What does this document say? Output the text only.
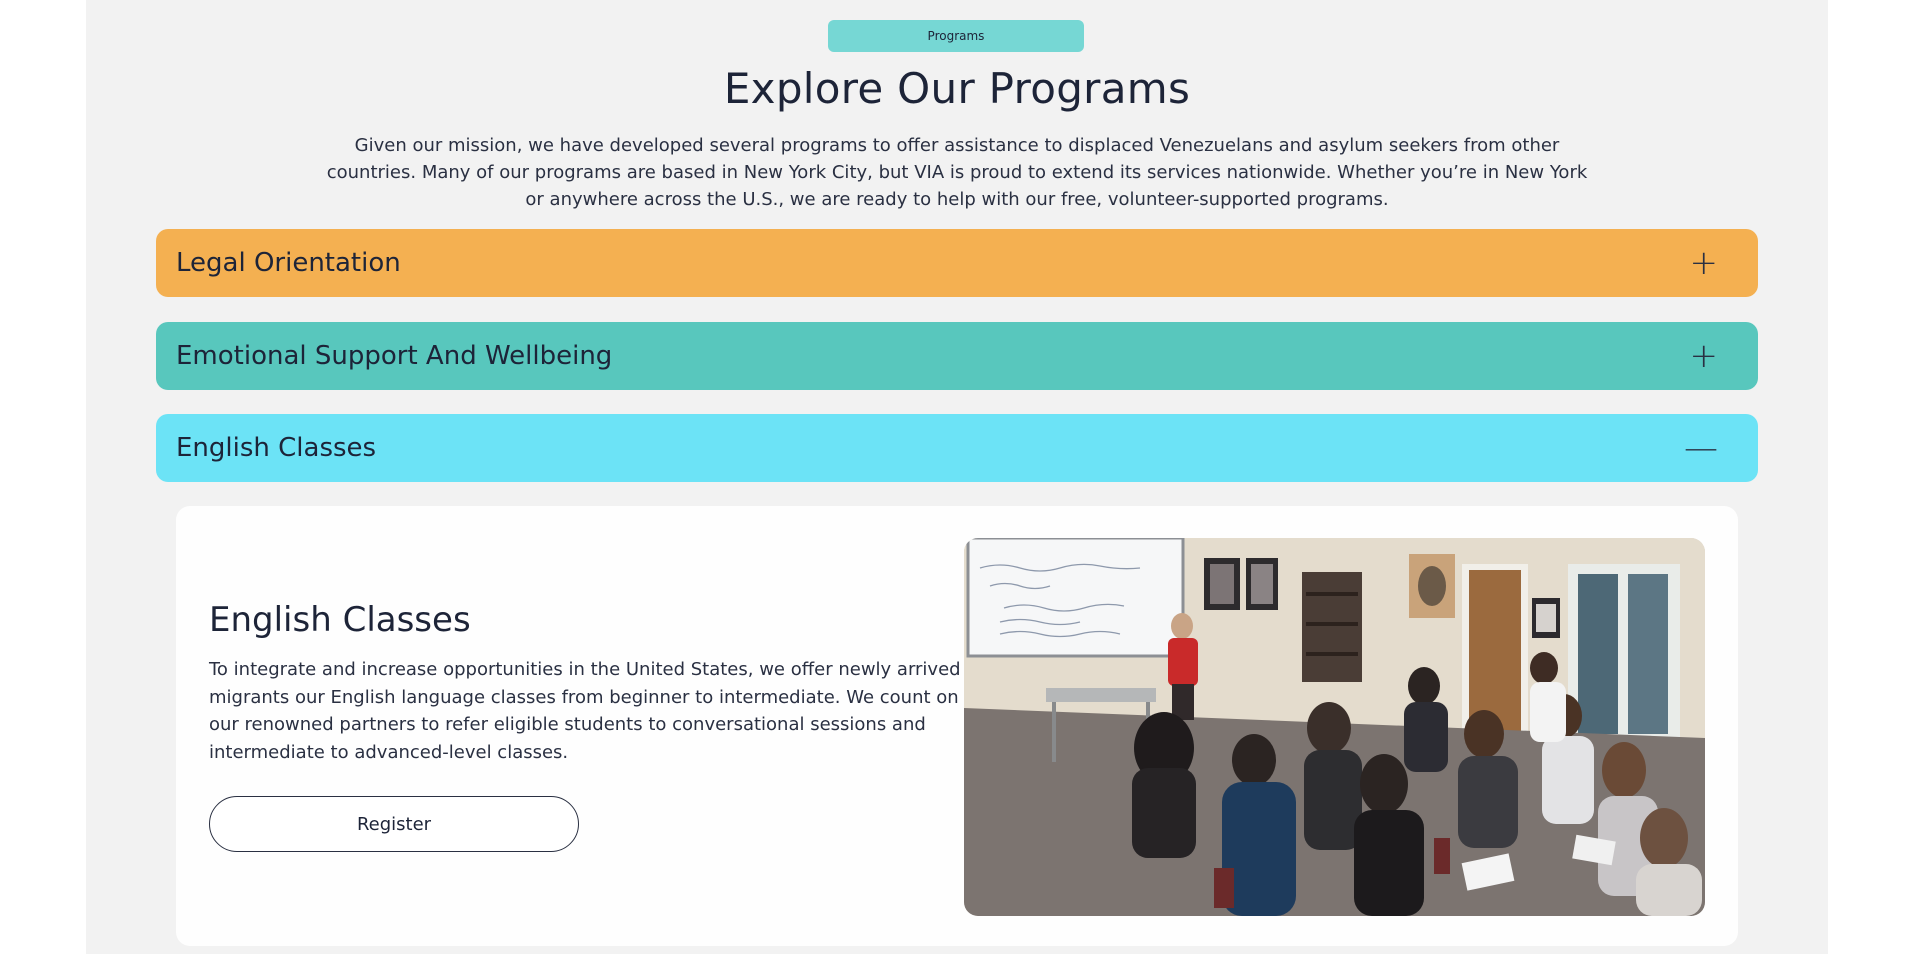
Programs
Explore Our Programs

Given our mission, we have developed several programs to offer assistance to displaced Venezuelans and asylum seekers from other countries. Many of our programs are based in New York City, but VIA is proud to extend its services nationwide. Whether you’re in New York or anywhere across the U.S., we are ready to help with our free, volunteer-supported programs.

Legal Orientation	+
Emotional Support And Wellbeing	+
English Classes	—
English Classes

To integrate and increase opportunities in the United States, we offer newly arrived migrants our English language classes from beginner to intermediate. We count on our renowned partners to refer eligible students to conversational sessions and intermediate to advanced-level classes.

Register
